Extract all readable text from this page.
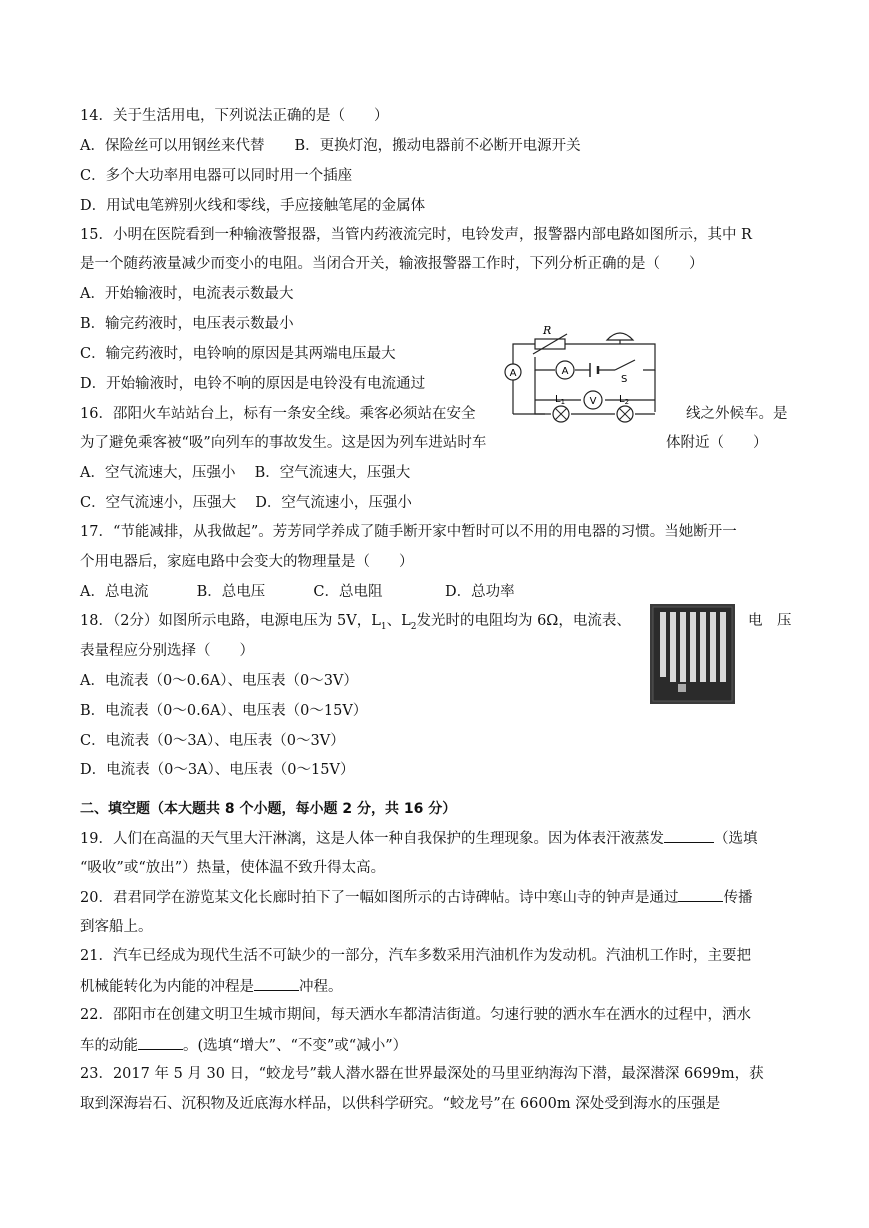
14．关于生活用电，下列说法正确的是（　　）
A．保险丝可以用钢丝来代替 B．更换灯泡，搬动电器前不必断开电源开关
C．多个大功率用电器可以同时用一个插座
D．用试电笔辨别火线和零线，手应接触笔尾的金属体
15．小明在医院看到一种输液警报器，当管内药液流完时，电铃发声，报警器内部电路如图所示，其中 R
是一个随药液量减少而变小的电阻。当闭合开关，输液报警器工作时，下列分析正确的是（　　）
A．开始输液时，电流表示数最大
B．输完药液时，电压表示数最小
C．输完药液时，电铃响的原因是其两端电压最大
D．开始输液时，电铃不响的原因是电铃没有电流通过
A	A
V
R
S
$L_1$	$L_2$
16．邵阳火车站站台上，标有一条安全线。乘客必须站在安全	线之外候车。是
为了避免乘客被“吸”向列车的事故发生。这是因为列车进站时车	体附近（　　）
A．空气流速大，压强小　 B．空气流速大，压强大
C．空气流速小，压强大　 D．空气流速小，压强小
17．“节能减排，从我做起”。芳芳同学养成了随手断开家中暂时可以不用的用电器的习惯。当她断开一
个用电器后，家庭电路中会变大的物理量是（　　）
A．总电流　　　 B．总电压　　　 C．总电阻　　　　 D．总功率
18．（2分）如图所示电路，电源电压为 5V，$L_1$、$L_2$发光时的电阻均为 6Ω，电流表、	电　压
表量程应分别选择（　　）
A．电流表（0～0.6A）、电压表（0～3V）
B．电流表（0～0.6A）、电压表（0～15V）
C．电流表（0～3A）、电压表（0～3V）
D．电流表（0～3A）、电压表（0～15V）
二、填空题（本大题共 8 个小题，每小题 2 分，共 16 分）
19．人们在高温的天气里大汗淋漓，这是人体一种自我保护的生理现象。因为体表汗液蒸发	（选填
“吸收”或“放出”）热量，使体温不致升得太高。
20．君君同学在游览某文化长廊时拍下了一幅如图所示的古诗碑帖。诗中寒山寺的钟声是通过	传播
到客船上。
21．汽车已经成为现代生活不可缺少的一部分，汽车多数采用汽油机作为发动机。汽油机工作时，主要把
机械能转化为内能的冲程是	冲程。
22．邵阳市在创建文明卫生城市期间，每天洒水车都清洁街道。匀速行驶的洒水车在洒水的过程中，洒水
车的动能	。(选填“增大”、“不变”或“减小”）
23．2017 年 5 月 30 日，“蛟龙号”载人潜水器在世界最深处的马里亚纳海沟下潜，最深潜深 6699m，获
取到深海岩石、沉积物及近底海水样品，以供科学研究。“蛟龙号”在 6600m 深处受到海水的压强是
